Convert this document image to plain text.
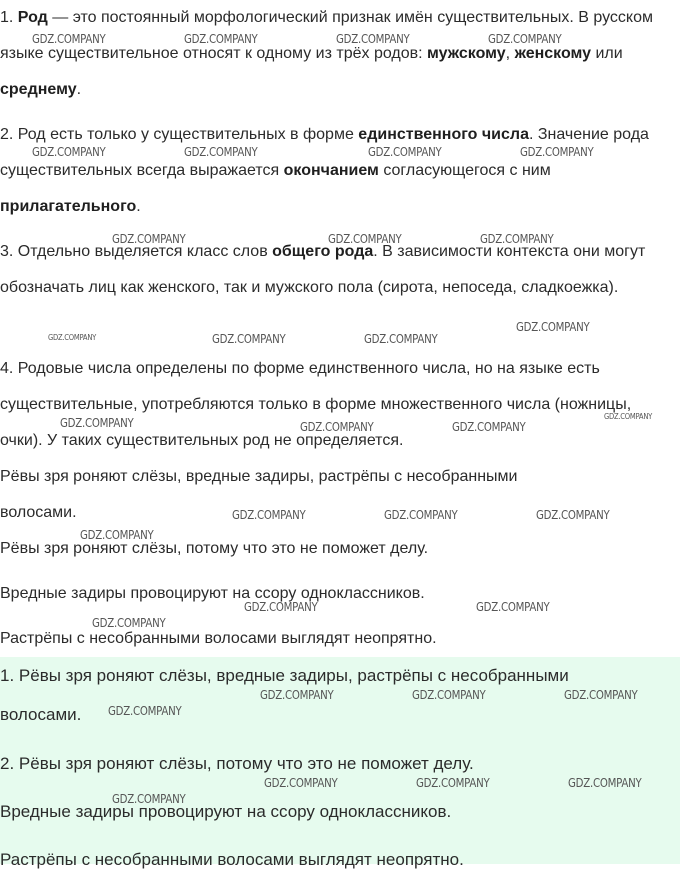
1. Род — это постоянный морфологический признак имён существительных. В русском языке существительное относят к одному из трёх родов: мужскому, женскому или среднему.

2. Род есть только у существительных в форме единственного числа. Значение рода существительных всегда выражается окончанием согласующегося с ним прилагательного.

3. Отдельно выделяется класс слов общего рода. В зависимости контекста они могут обозначать лиц как женского, так и мужского пола (сирота, непоседа, сладкоежка).

4. Родовые числа определены по форме единственного числа, но на языке есть существительные, употребляются только в форме множественного числа (ножницы, очки). У таких существительных род не определяется.

Рёвы зря роняют слёзы, вредные задиры, растрёпы с несобранными
волосами.
Рёвы зря роняют слёзы, потому что это не поможет делу.
Вредные задиры провоцируют на ссору одноклассников.
Растрёпы с несобранными волосами выглядят неопрятно.
1. Рёвы зря роняют слёзы, вредные задиры, растрёпы с несобранными
волосами.
2. Рёвы зря роняют слёзы, потому что это не поможет делу.
Вредные задиры провоцируют на ссору одноклассников.
Растрёпы с несобранными волосами выглядят неопрятно.
GDZ.COMPANY	GDZ.COMPANY	GDZ.COMPANY	GDZ.COMPANY
GDZ.COMPANY	GDZ.COMPANY	GDZ.COMPANY	GDZ.COMPANY
GDZ.COMPANY	GDZ.COMPANY	GDZ.COMPANY
GDZ.COMPANY	GDZ.COMPANY	GDZ.COMPANY
GDZ.COMPANY
GDZ.COMPANY	GDZ.COMPANY	GDZ.COMPANY
GDZ.COMPANY
GDZ.COMPANY	GDZ.COMPANY	GDZ.COMPANY
GDZ.COMPANY
GDZ.COMPANY	GDZ.COMPANY
GDZ.COMPANY
GDZ.COMPANY	GDZ.COMPANY	GDZ.COMPANY
GDZ.COMPANY
GDZ.COMPANY	GDZ.COMPANY	GDZ.COMPANY
GDZ.COMPANY
